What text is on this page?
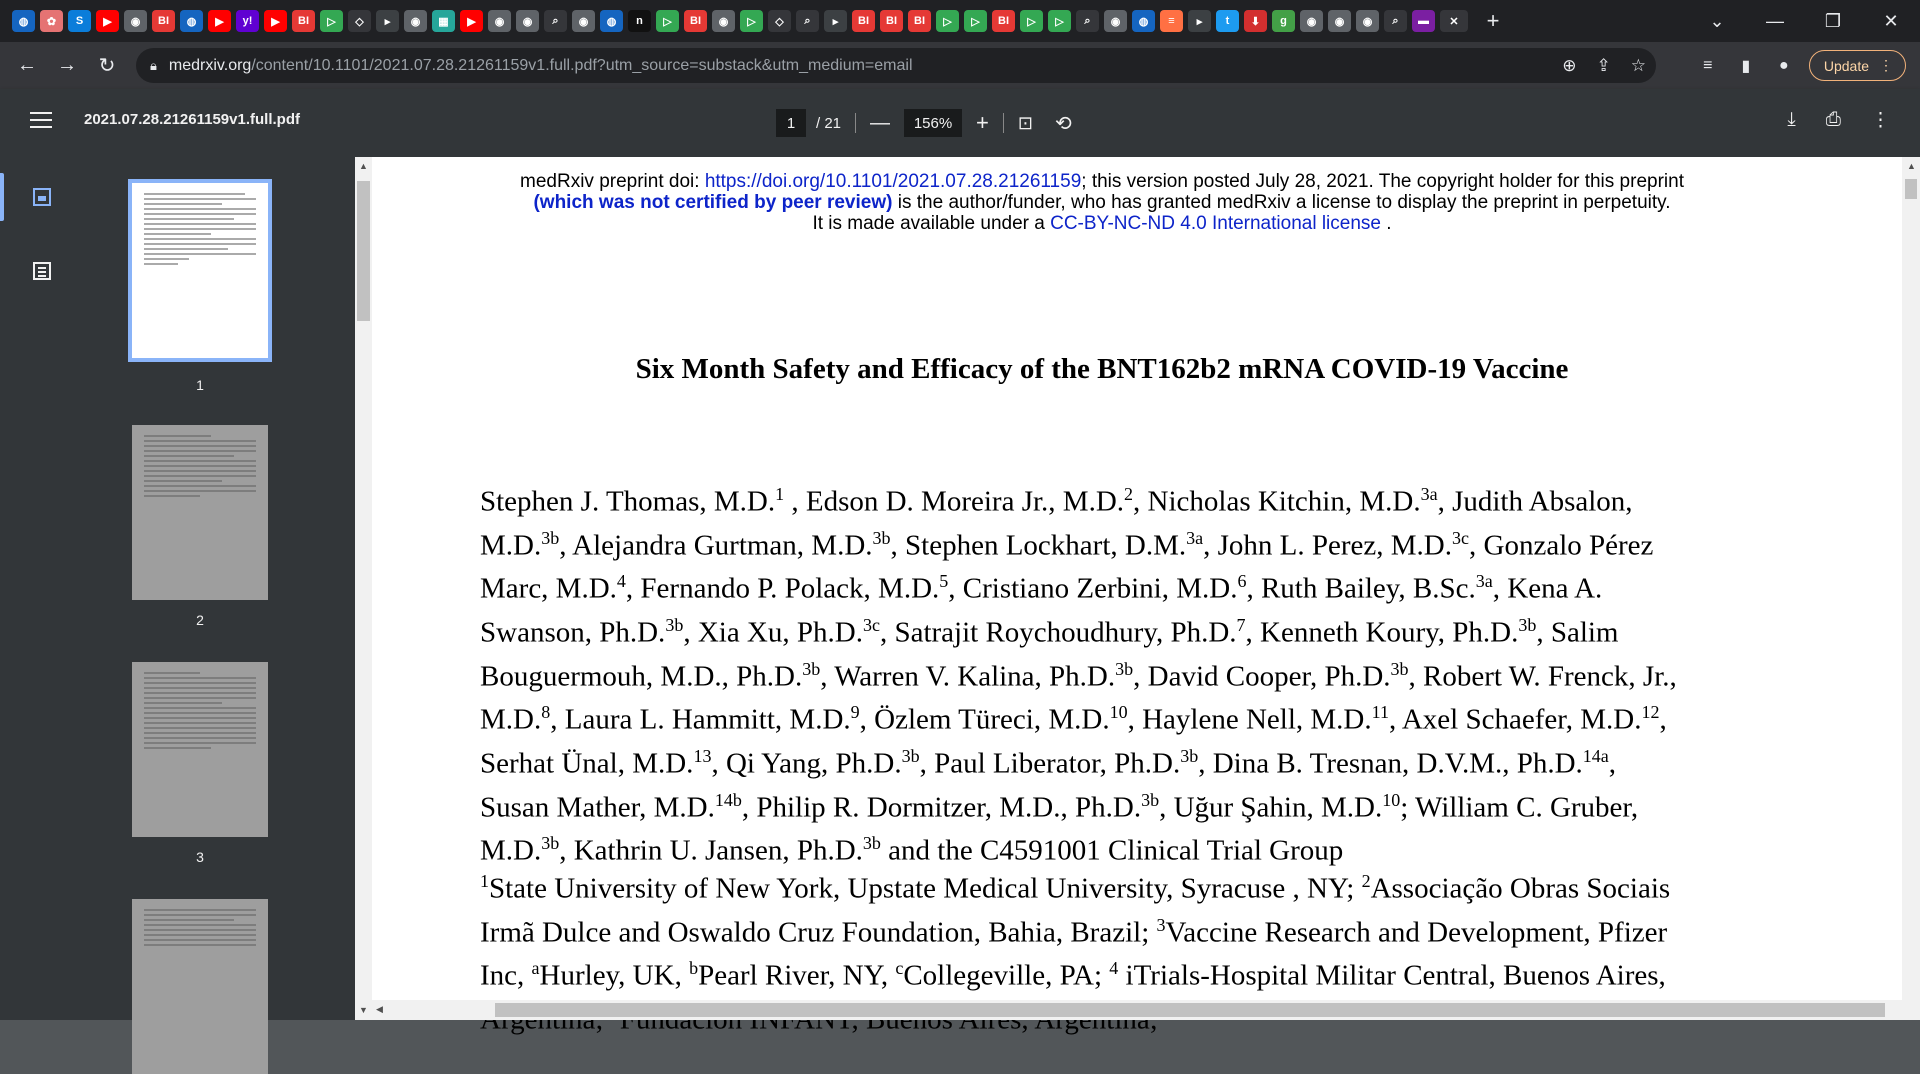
◍	✿	S	▶	◉	BI	◍	▶	y!	▶	BI	▷	◇	▸	◉	▦	▶	◉	◉	⌕	◉	◍	n	▷	BI	◉	▷	◇	⌕	▸	BI	BI	BI	▷	▷	BI	▷	▷	⌕	◉	◍	≡	▸	t	⬇	g	◉	◉	◉	⌕	▬	✕	+	⌄	—	❐	✕
←	→	↻	🔒︎ medrxiv.org/content/10.1101/2021.07.28.21261159v1.full.pdf?utm_source=substack&utm_medium=email	⊕ ⇪ ☆	≡	▮	●	Update ⋮
2021.07.28.21261159v1.full.pdf	1	/ 21 —	156%	+ ⊡ ⟲	⤓ ⎙ ⋮
1
2
3
▲
▼
medRxiv preprint doi: https://doi.org/10.1101/2021.07.28.21261159; this version posted July 28, 2021. The copyright holder for this preprint
(which was not certified by peer review) is the author/funder, who has granted medRxiv a license to display the preprint in perpetuity.
It is made available under a CC-BY-NC-ND 4.0 International license .
Six Month Safety and Efficacy of the BNT162b2 mRNA COVID-19 Vaccine
Stephen J. Thomas, M.D.$^1$ , Edson D. Moreira Jr., M.D.$^2$, Nicholas Kitchin, M.D.$^{3a}$, Judith Absalon, M.D.$^{3b}$, Alejandra Gurtman, M.D.$^{3b}$, Stephen Lockhart, D.M.$^{3a}$, John L. Perez, M.D.$^{3c}$, Gonzalo Pérez Marc, M.D.$^4$, Fernando P. Polack, M.D.$^5$, Cristiano Zerbini, M.D.$^6$, Ruth Bailey, B.Sc.$^{3a}$, Kena A. Swanson, Ph.D.$^{3b}$, Xia Xu, Ph.D.$^{3c}$, Satrajit Roychoudhury, Ph.D.$^7$, Kenneth Koury, Ph.D.$^{3b}$, Salim Bouguermouh, M.D., Ph.D.$^{3b}$, Warren V. Kalina, Ph.D.$^{3b}$, David Cooper, Ph.D.$^{3b}$, Robert W. Frenck, Jr., M.D.$^8$, Laura L. Hammitt, M.D.$^9$, Özlem Türeci, M.D.$^{10}$, Haylene Nell, M.D.$^{11}$, Axel Schaefer, M.D.$^{12}$, Serhat Ünal, M.D.$^{13}$, Qi Yang, Ph.D.$^{3b}$, Paul Liberator, Ph.D.$^{3b}$, Dina B. Tresnan, D.V.M., Ph.D.$^{14a}$, Susan Mather, M.D.$^{14b}$, Philip R. Dormitzer, M.D., Ph.D.$^{3b}$, Uğur Şahin, M.D.$^{10}$; William C. Gruber, M.D.$^{3b}$, Kathrin U. Jansen, Ph.D.$^{3b}$ and the C4591001 Clinical Trial Group
$^1$State University of New York, Upstate Medical University, Syracuse , NY; $^2$Associação Obras Sociais Irmã Dulce and Oswaldo Cruz Foundation, Bahia, Brazil; $^3$Vaccine Research and Development, Pfizer Inc, $^a$Hurley, UK, $^b$Pearl River, NY, $^c$Collegeville, PA; $^4$ iTrials-Hospital Militar Central, Buenos Aires,
▲
◀
